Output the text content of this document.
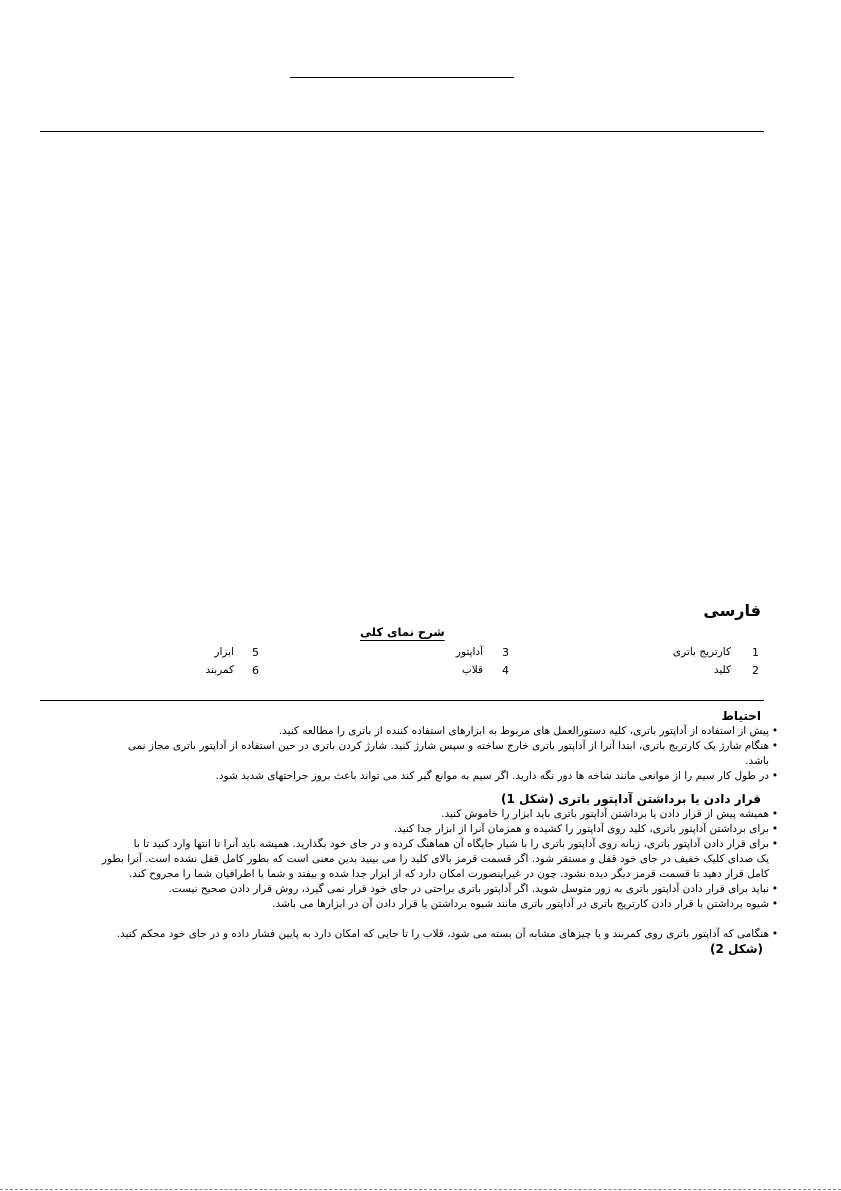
فارسی
شرح نمای کلی
1
کارتریج باتری
2
کلید
3
آداپتور
4
قلاب
5
ابزار
6
کمربند
احتیاط
•
پیش از استفاده از آداپتور باتری، کلیه دستورالعمل های مربوط به ابزارهای استفاده کننده از باتری را مطالعه کنید.
•
هنگام شارژ یک کارتریج باتری، ابتدا آنرا از آداپتور باتری خارج ساخته و سپس شارژ کنید. شارژ کردن باتری در حین استفاده از آداپتور باتری مجاز نمی
باشد.
•
در طول کار سیم را از موانعی مانند شاخه ها دور نگه دارید. اگر سیم به موانع گیر کند می تواند باعث بروز جراحتهای شدید شود.
قرار دادن یا برداشتن آداپتور باتری (شکل 1)
•
همیشه پیش از قرار دادن یا برداشتن آداپتور باتری باید ابزار را خاموش کنید.
•
برای برداشتن آداپتور باتری، کلید روی آداپتور را کشیده و همزمان آنرا از ابزار جدا کنید.
•
برای قرار دادن آداپتور باتری، زبانه روی آداپتور باتری را با شیار جایگاه آن هماهنگ کرده و در جای خود بگذارید. همیشه باید آنرا تا انتها وارد کنید تا با
یک صدای کلیک خفیف در جای خود قفل و مستقر شود. اگر قسمت قرمز بالای کلید را می بینید بدین معنی است که بطور کامل قفل نشده است. آنرا بطور
کامل قرار دهید تا قسمت قرمز دیگر دیده نشود. چون در غیراینصورت امکان دارد که از ابزار جدا شده و بیفتد و شما یا اطرافیان شما را مجروح کند.
•
نباید برای قرار دادن آداپتور باتری به زور متوسل شوید. اگر آداپتور باتری براحتی در جای خود قرار نمی گیرد، روش قرار دادن صحیح نیست.
•
شیوه برداشتن یا قرار دادن کارتریج باتری در آداپتور باتری مانند شیوه برداشتن یا قرار دادن آن در ابزارها می باشد.
•
هنگامی که آداپتور باتری روی کمربند و یا چیزهای مشابه آن بسته می شود، قلاب را تا جایی که امکان دارد به پایین فشار داده و در جای خود محکم کنید.
(شکل 2)
